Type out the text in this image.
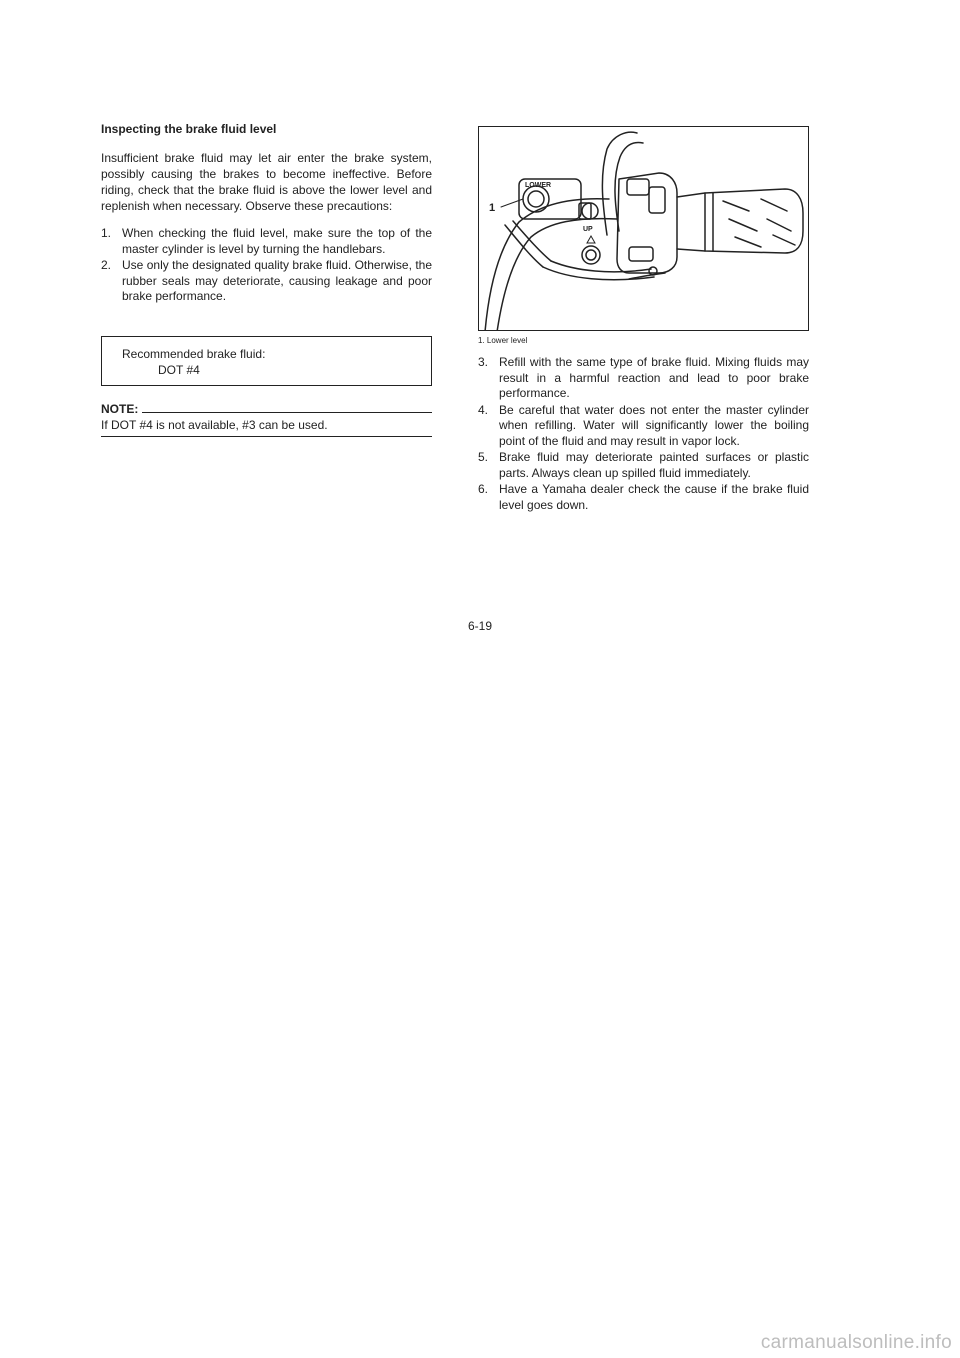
Inspecting the brake fluid level

Insufficient brake fluid may let air enter the brake system, possibly causing the brakes to become ineffective. Before riding, check that the brake fluid is above the lower level and replenish when necessary. Observe these precautions:

1. When checking the fluid level, make sure the top of the master cylinder is level by turning the handlebars.
2. Use only the designated quality brake fluid. Otherwise, the rubber seals may deteriorate, causing leakage and poor brake performance.
Recommended brake fluid:
DOT #4
NOTE:
If DOT #4 is not available, #3 can be used.
1
LOWER
UP
1. Lower level
3. Refill with the same type of brake fluid. Mixing fluids may result in a harmful reaction and lead to poor brake performance.
4. Be careful that water does not enter the master cylinder when refilling. Water will significantly lower the boiling point of the fluid and may result in vapor lock.
5. Brake fluid may deteriorate painted surfaces or plastic parts. Always clean up spilled fluid immediately.
6. Have a Yamaha dealer check the cause if the brake fluid level goes down.
6-19
carmanualsonline.info
